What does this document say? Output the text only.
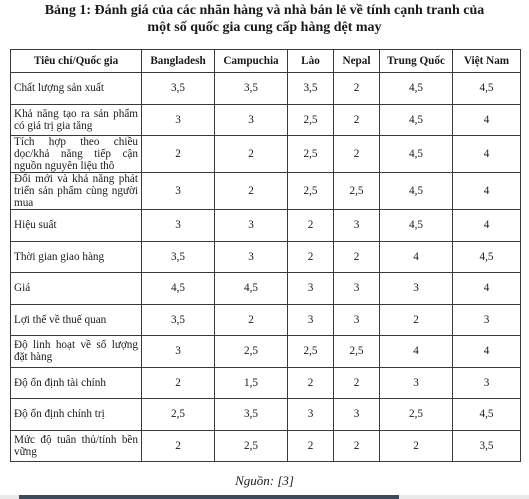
Bảng 1: Đánh giá của các nhãn hàng và nhà bán lẻ về tính cạnh tranh của
một số quốc gia cung cấp hàng dệt may
Tiêu chí/Quốc gia	Bangladesh	Campuchia	Lào	Nepal	Trung Quốc	Việt Nam
Chất lượng sản xuất	3,5	3,5	3,5	2	4,5	4,5
Khả năng tạo ra sản phẩm có giá trị gia tăng	3	3	2,5	2	4,5	4
Tích hợp theo chiều dọc/khả năng tiếp cận nguồn nguyên liệu thô	2	2	2,5	2	4,5	4
Đổi mới và khả năng phát triển sản phẩm cùng người mua	3	2	2,5	2,5	4,5	4
Hiệu suất	3	3	2	3	4,5	4
Thời gian giao hàng	3,5	3	2	2	4	4,5
Giá	4,5	4,5	3	3	3	4
Lợi thế về thuế quan	3,5	2	3	3	2	3
Độ linh hoạt về số lượng đặt hàng	3	2,5	2,5	2,5	4	4
Độ ổn định tài chính	2	1,5	2	2	3	3
Độ ổn định chính trị	2,5	3,5	3	3	2,5	4,5
Mức độ tuân thủ/tính bền vững	2	2,5	2	2	2	3,5
Nguồn: [3]
